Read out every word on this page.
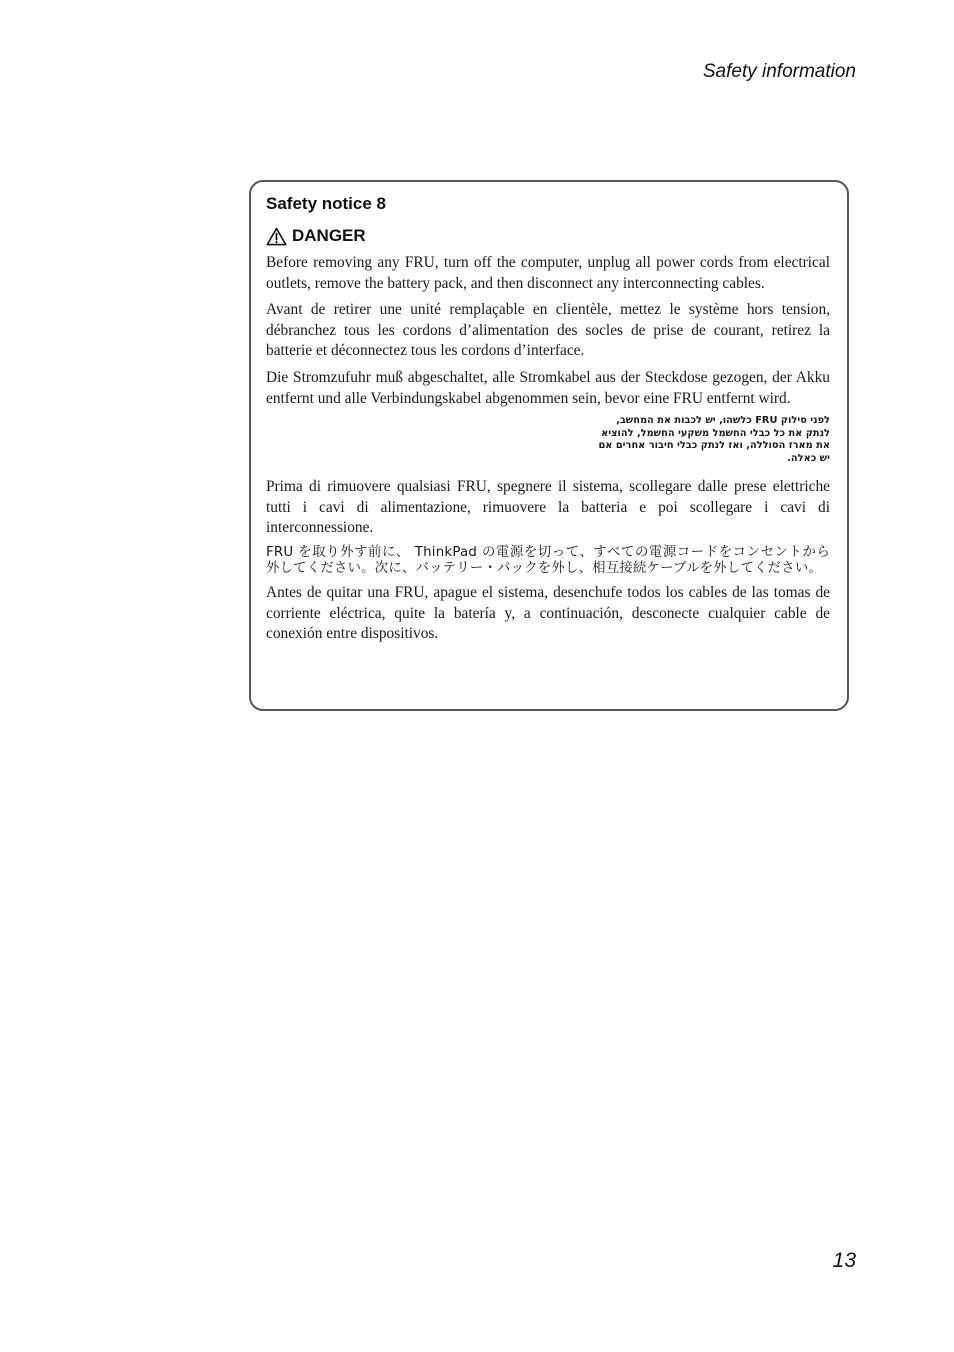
Safety information
Safety notice 8
DANGER

Before removing any FRU, turn off the computer, unplug all power cords from electrical outlets, remove the battery pack, and then disconnect any interconnecting cables.

Avant de retirer une unité remplaçable en clientèle, mettez le système hors tension, débranchez tous les cordons d’alimentation des socles de prise de courant, retirez la batterie et déconnectez tous les cordons d’interface.

Die Stromzufuhr muß abgeschaltet, alle Stromkabel aus der Steckdose gezogen, der Akku entfernt und alle Verbindungskabel abgenommen sein, bevor eine FRU entfernt wird.

לפני סילוק FRU כלשהו, יש לכבות את המחשב, לנתק את כל כבלי החשמל משקעי החשמל, להוציא את מארז הסוללה, ואז לנתק כבלי חיבור אחרים אם יש כאלה.

Prima di rimuovere qualsiasi FRU, spegnere il sistema, scollegare dalle prese elettriche tutti i cavi di alimentazione, rimuovere la batteria e poi scollegare i cavi di interconnessione.

FRU を取り外す前に、 ThinkPad の電源を切って、すべての電源コードをコンセントから外してください。次に、バッテリー・パックを外し、相互接続ケーブルを外してください。

Antes de quitar una FRU, apague el sistema, desenchufe todos los cables de las tomas de corriente eléctrica, quite la batería y, a continuación, desconecte cualquier cable de conexión entre dispositivos.

13
